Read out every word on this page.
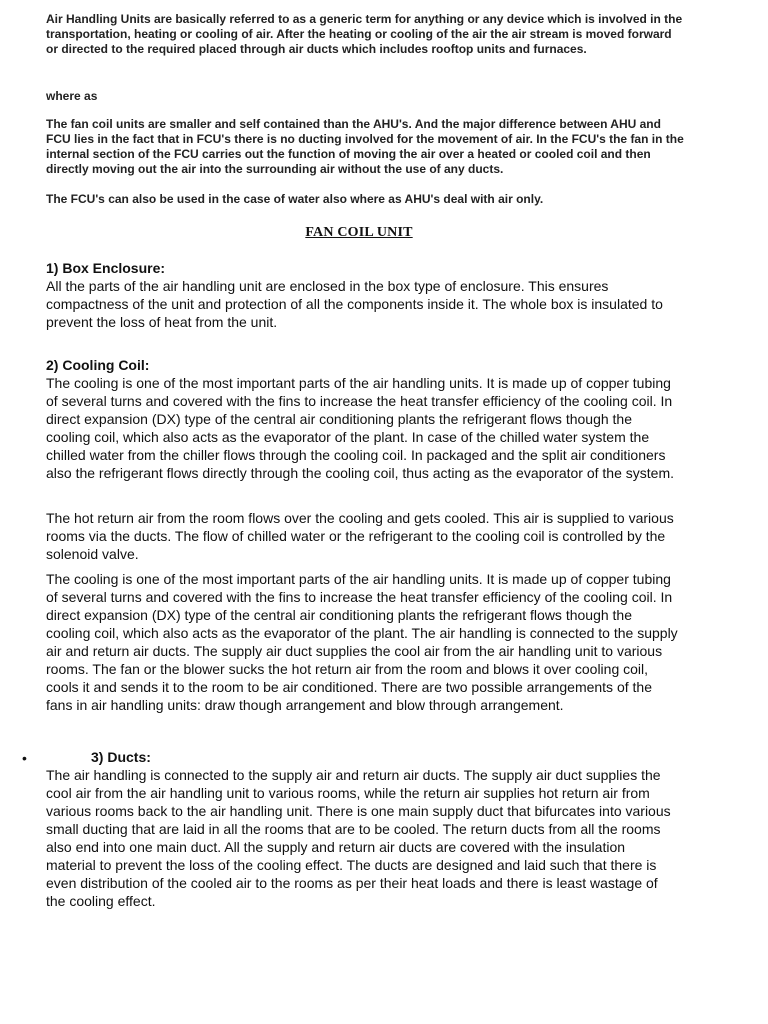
Air Handling Units are basically referred to as a generic term for anything or any device which is involved in the transportation, heating or cooling of air. After the heating or cooling of the air the air stream is moved forward or directed to the required placed through air ducts which includes rooftop units and furnaces.
where as
The fan coil units are smaller and self contained than the AHU's. And the major difference between AHU and FCU lies in the fact that in FCU's there is no ducting involved for the movement of air. In the FCU's the fan in the internal section of the FCU carries out the function of moving the air over a heated or cooled coil and then directly moving out the air into the surrounding air without the use of any ducts.
The FCU's can also be used in the case of water also where as AHU's deal with air only.
FAN COIL UNIT
1) Box Enclosure:
All the parts of the air handling unit are enclosed in the box type of enclosure. This ensures compactness of the unit and protection of all the components inside it. The whole box is insulated to prevent the loss of heat from the unit.
2) Cooling Coil:
The cooling is one of the most important parts of the air handling units. It is made up of copper tubing of several turns and covered with the fins to increase the heat transfer efficiency of the cooling coil. In direct expansion (DX) type of the central air conditioning plants the refrigerant flows though the cooling coil, which also acts as the evaporator of the plant. In case of the chilled water system the chilled water from the chiller flows through the cooling coil. In packaged and the split air conditioners also the refrigerant flows directly through the cooling coil, thus acting as the evaporator of the system.
The hot return air from the room flows over the cooling and gets cooled. This air is supplied to various rooms via the ducts. The flow of chilled water or the refrigerant to the cooling coil is controlled by the solenoid valve.
The cooling is one of the most important parts of the air handling units. It is made up of copper tubing of several turns and covered with the fins to increase the heat transfer efficiency of the cooling coil. In direct expansion (DX) type of the central air conditioning plants the refrigerant flows though the cooling coil, which also acts as the evaporator of the plant. The air handling is connected to the supply air and return air ducts. The supply air duct supplies the cool air from the air handling unit to various rooms. The fan or the blower sucks the hot return air from the room and blows it over cooling coil, cools it and sends it to the room to be air conditioned. There are two possible arrangements of the fans in air handling units: draw though arrangement and blow through arrangement.
•	3) Ducts:
The air handling is connected to the supply air and return air ducts. The supply air duct supplies the cool air from the air handling unit to various rooms, while the return air supplies hot return air from various rooms back to the air handling unit. There is one main supply duct that bifurcates into various small ducting that are laid in all the rooms that are to be cooled. The return ducts from all the rooms also end into one main duct. All the supply and return air ducts are covered with the insulation material to prevent the loss of the cooling effect. The ducts are designed and laid such that there is even distribution of the cooled air to the rooms as per their heat loads and there is least wastage of the cooling effect.
